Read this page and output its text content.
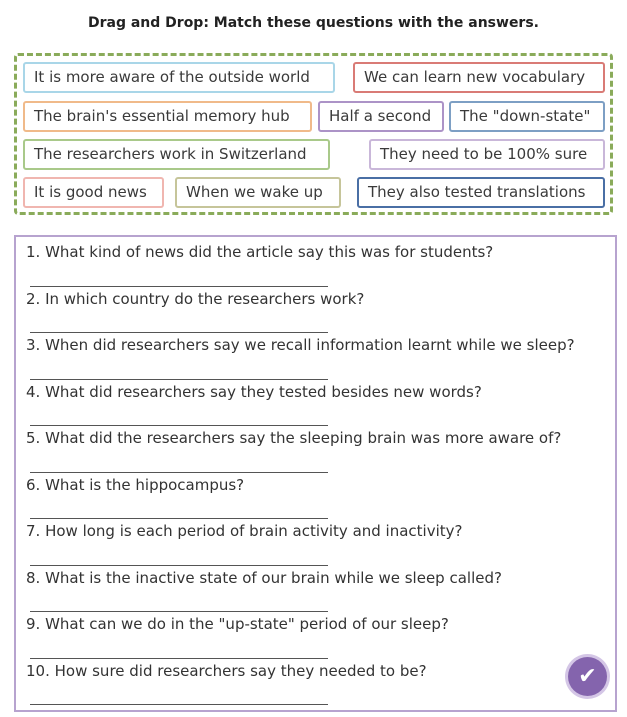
Drag and Drop: Match these questions with the answers.
It is more aware of the outside world	We can learn new vocabulary
The brain's essential memory hub	Half a second	The "down-state"
The researchers work in Switzerland	They need to be 100% sure
It is good news	When we wake up	They also tested translations
1. What kind of news did the article say this was for students?
2. In which country do the researchers work?
3. When did researchers say we recall information learnt while we sleep?
4. What did researchers say they tested besides new words?
5. What did the researchers say the sleeping brain was more aware of?
6. What is the hippocampus?
7. How long is each period of brain activity and inactivity?
8. What is the inactive state of our brain while we sleep called?
9. What can we do in the "up-state" period of our sleep?
10. How sure did researchers say they needed to be?	✔
